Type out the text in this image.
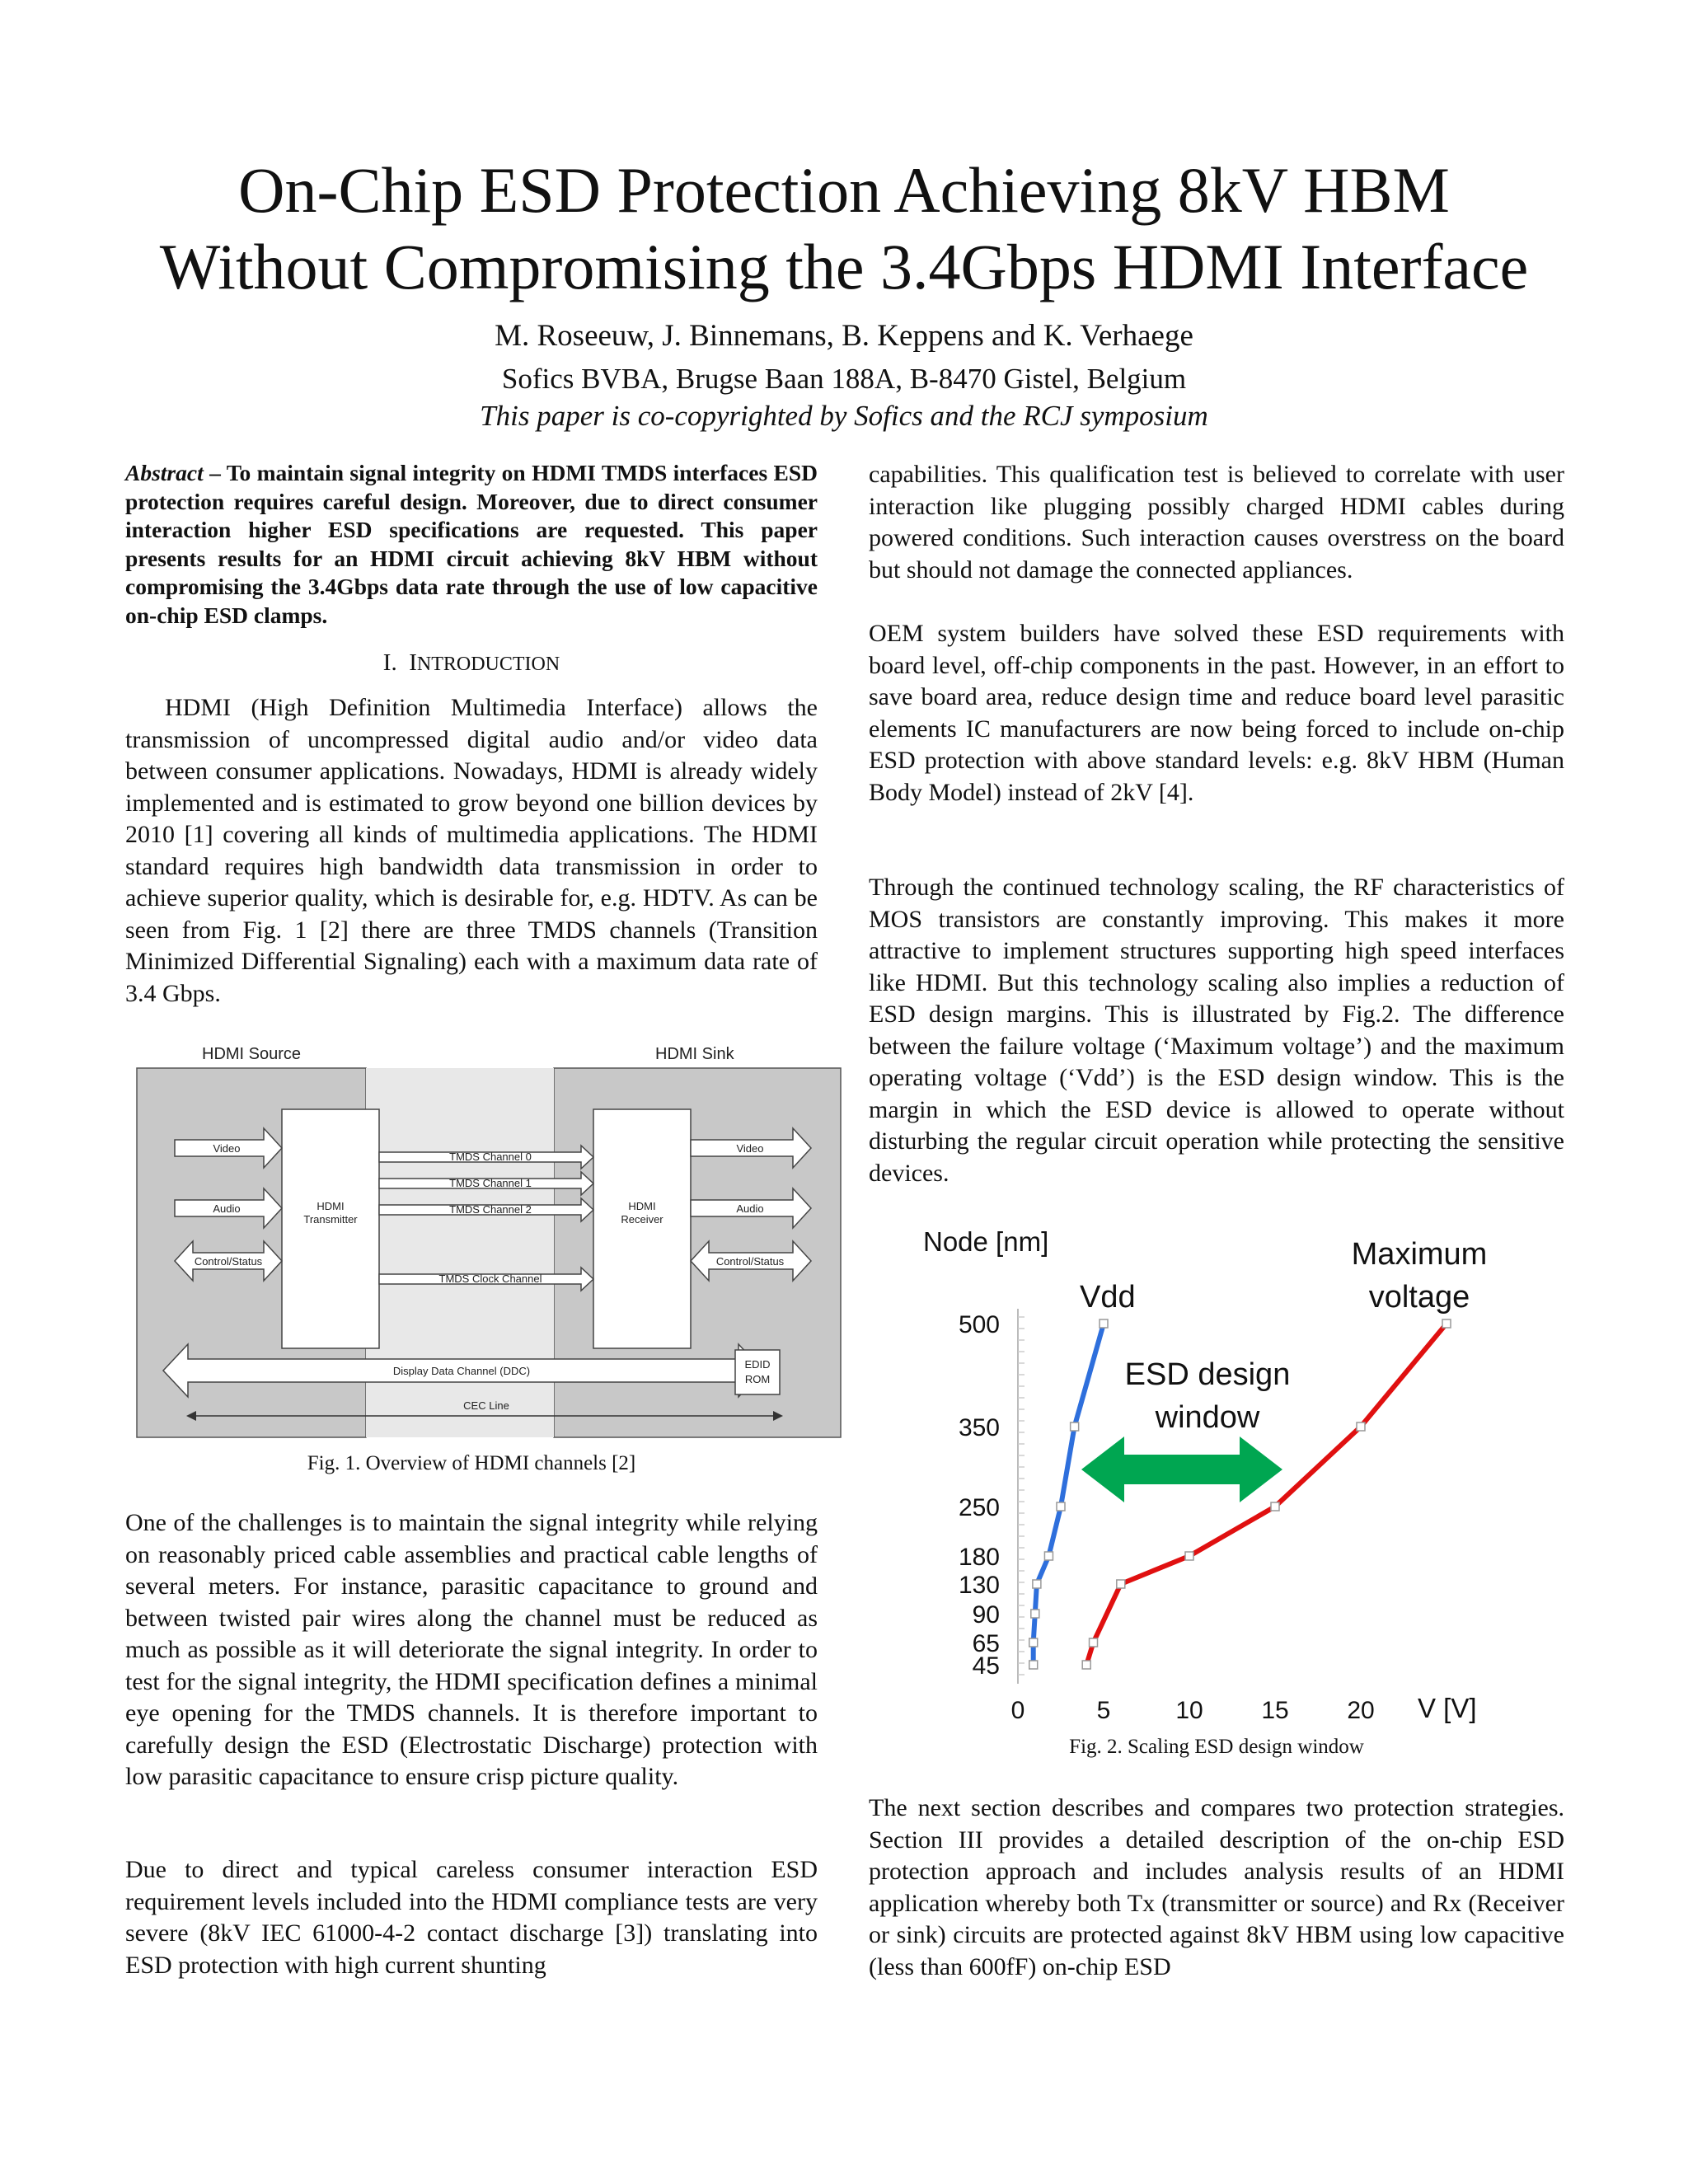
On-Chip ESD Protection Achieving 8kV HBM
Without Compromising the 3.4Gbps HDMI Interface
M. Roseeuw, J. Binnemans, B. Keppens and K. Verhaege
Sofics BVBA, Brugse Baan 188A, B-8470 Gistel, Belgium
This paper is co-copyrighted by Sofics and the RCJ symposium

Abstract – To maintain signal integrity on HDMI TMDS interfaces ESD protection requires careful design. Moreover, due to direct consumer interaction higher ESD specifications are requested. This paper presents results for an HDMI circuit achieving 8kV HBM without compromising the 3.4Gbps data rate through the use of low capacitive on-chip ESD clamps.

I. INTRODUCTION

HDMI (High Definition Multimedia Interface) allows the transmission of uncompressed digital audio and/or video data between consumer applications. Nowadays, HDMI is already widely implemented and is estimated to grow beyond one billion devices by 2010 [1] covering all kinds of multimedia applications. The HDMI standard requires high bandwidth data transmission in order to achieve superior quality, which is desirable for, e.g. HDTV. As can be seen from Fig. 1 [2] there are three TMDS channels (Transition Minimized Differential Signaling) each with a maximum data rate of 3.4 Gbps.

HDMI Source	HDMI Sink
HDMI
Transmitter
HDMI
Receiver
Video
Audio
Control/Status
Video
Audio
Control/Status
TMDS Channel 0
TMDS Channel 1
TMDS Channel 2
TMDS Clock Channel
Display Data Channel (DDC)
EDID
ROM
CEC Line
Fig. 1. Overview of HDMI channels [2]

One of the challenges is to maintain the signal integrity while relying on reasonably priced cable assemblies and practical cable lengths of several meters. For instance, parasitic capacitance to ground and between twisted pair wires along the channel must be reduced as much as possible as it will deteriorate the signal integrity. In order to test for the signal integrity, the HDMI specification defines a minimal eye opening for the TMDS channels. It is therefore important to carefully design the ESD (Electrostatic Discharge) protection with low parasitic capacitance to ensure crisp picture quality.

Due to direct and typical careless consumer interaction ESD requirement levels included into the HDMI compliance tests are very severe (8kV IEC 61000-4-2 contact discharge [3]) translating into ESD protection with high current shunting

capabilities. This qualification test is believed to correlate with user interaction like plugging possibly charged HDMI cables during powered conditions. Such interaction causes overstress on the board but should not damage the connected appliances.

OEM system builders have solved these ESD requirements with board level, off-chip components in the past. However, in an effort to save board area, reduce design time and reduce board level parasitic elements IC manufacturers are now being forced to include on-chip ESD protection with above standard levels: e.g. 8kV HBM (Human Body Model) instead of 2kV [4].

Through the continued technology scaling, the RF characteristics of MOS transistors are constantly improving. This makes it more attractive to implement structures supporting high speed interfaces like HDMI. But this technology scaling also implies a reduction of ESD design margins. This is illustrated by Fig.2. The difference between the failure voltage (‘Maximum voltage’) and the maximum operating voltage (‘Vdd’) is the ESD design window. This is the margin in which the ESD device is allowed to operate without disturbing the regular circuit operation while protecting the sensitive devices.

Node [nm]
V [V]
Vdd
Maximum
voltage
ESD design
window
45
65
90
130
180
250
350
500
0	5	10 15 20
Fig. 2. Scaling ESD design window

The next section describes and compares two protection strategies. Section III provides a detailed description of the on-chip ESD protection approach and includes analysis results of an HDMI application whereby both Tx (transmitter or source) and Rx (Receiver or sink) circuits are protected against 8kV HBM using low capacitive (less than 600fF) on-chip ESD
